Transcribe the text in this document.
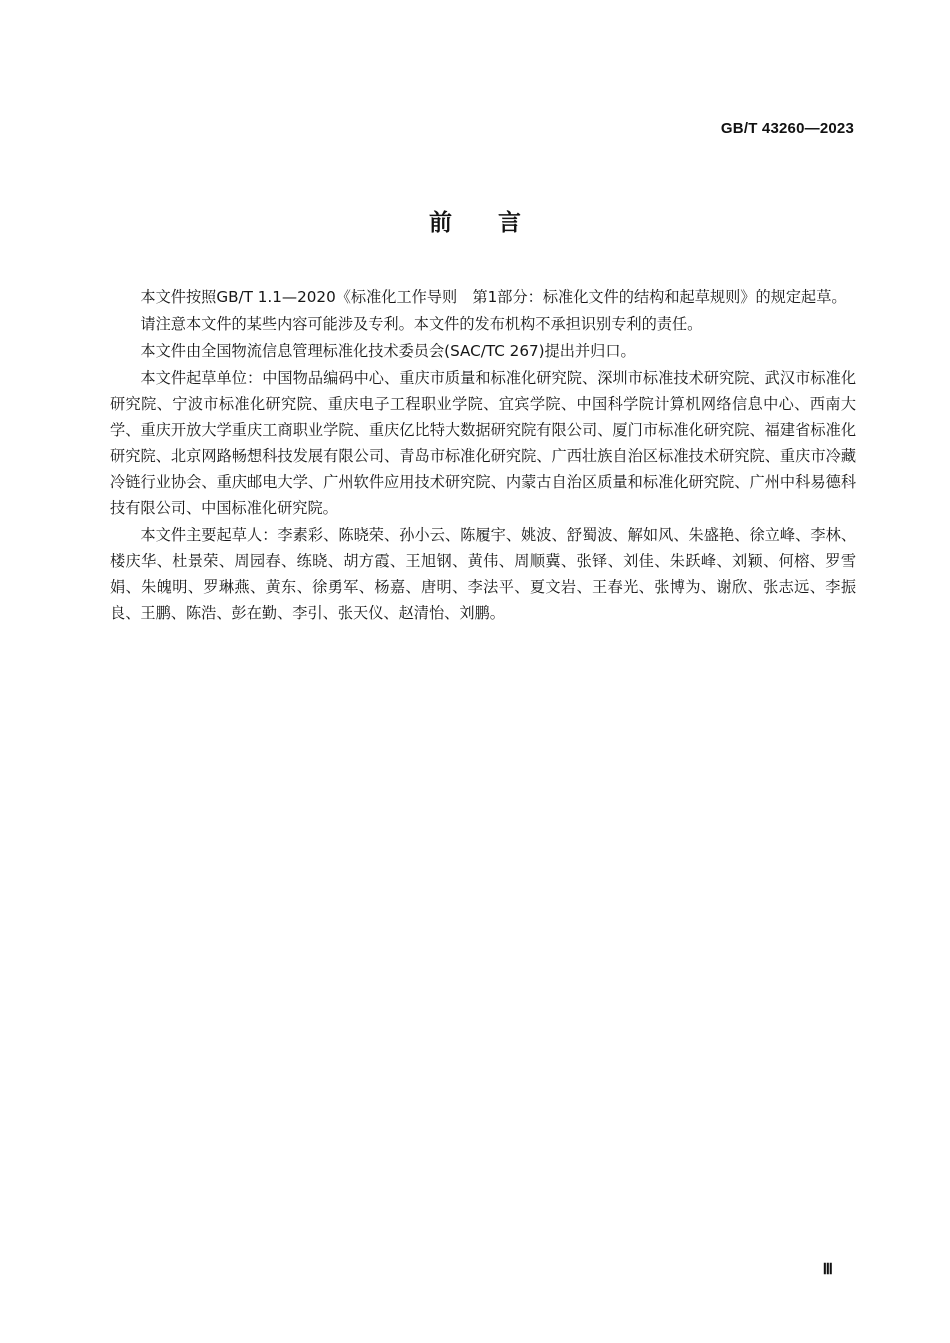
GB/T 43260—2023
前言

本文件按照GB/T 1.1—2020《标准化工作导则　第1部分：标准化文件的结构和起草规则》的规定起草。

请注意本文件的某些内容可能涉及专利。本文件的发布机构不承担识别专利的责任。

本文件由全国物流信息管理标准化技术委员会(SAC/TC 267)提出并归口。

本文件起草单位：中国物品编码中心、重庆市质量和标准化研究院、深圳市标准技术研究院、武汉市标准化研究院、宁波市标准化研究院、重庆电子工程职业学院、宜宾学院、中国科学院计算机网络信息中心、西南大学、重庆开放大学重庆工商职业学院、重庆亿比特大数据研究院有限公司、厦门市标准化研究院、福建省标准化研究院、北京网路畅想科技发展有限公司、青岛市标准化研究院、广西壮族自治区标准技术研究院、重庆市冷藏冷链行业协会、重庆邮电大学、广州软件应用技术研究院、内蒙古自治区质量和标准化研究院、广州中科易德科技有限公司、中国标准化研究院。

本文件主要起草人：李素彩、陈晓荣、孙小云、陈履宇、姚波、舒蜀波、解如风、朱盛艳、徐立峰、李林、楼庆华、杜景荣、周园春、练晓、胡方霞、王旭钢、黄伟、周顺冀、张铎、刘佳、朱跃峰、刘颖、何榕、罗雪娟、朱魄明、罗琳燕、黄东、徐勇军、杨嘉、唐明、李法平、夏文岩、王春光、张博为、谢欣、张志远、李振良、王鹏、陈浩、彭在勤、李引、张天仪、赵清怡、刘鹏。

Ⅲ
